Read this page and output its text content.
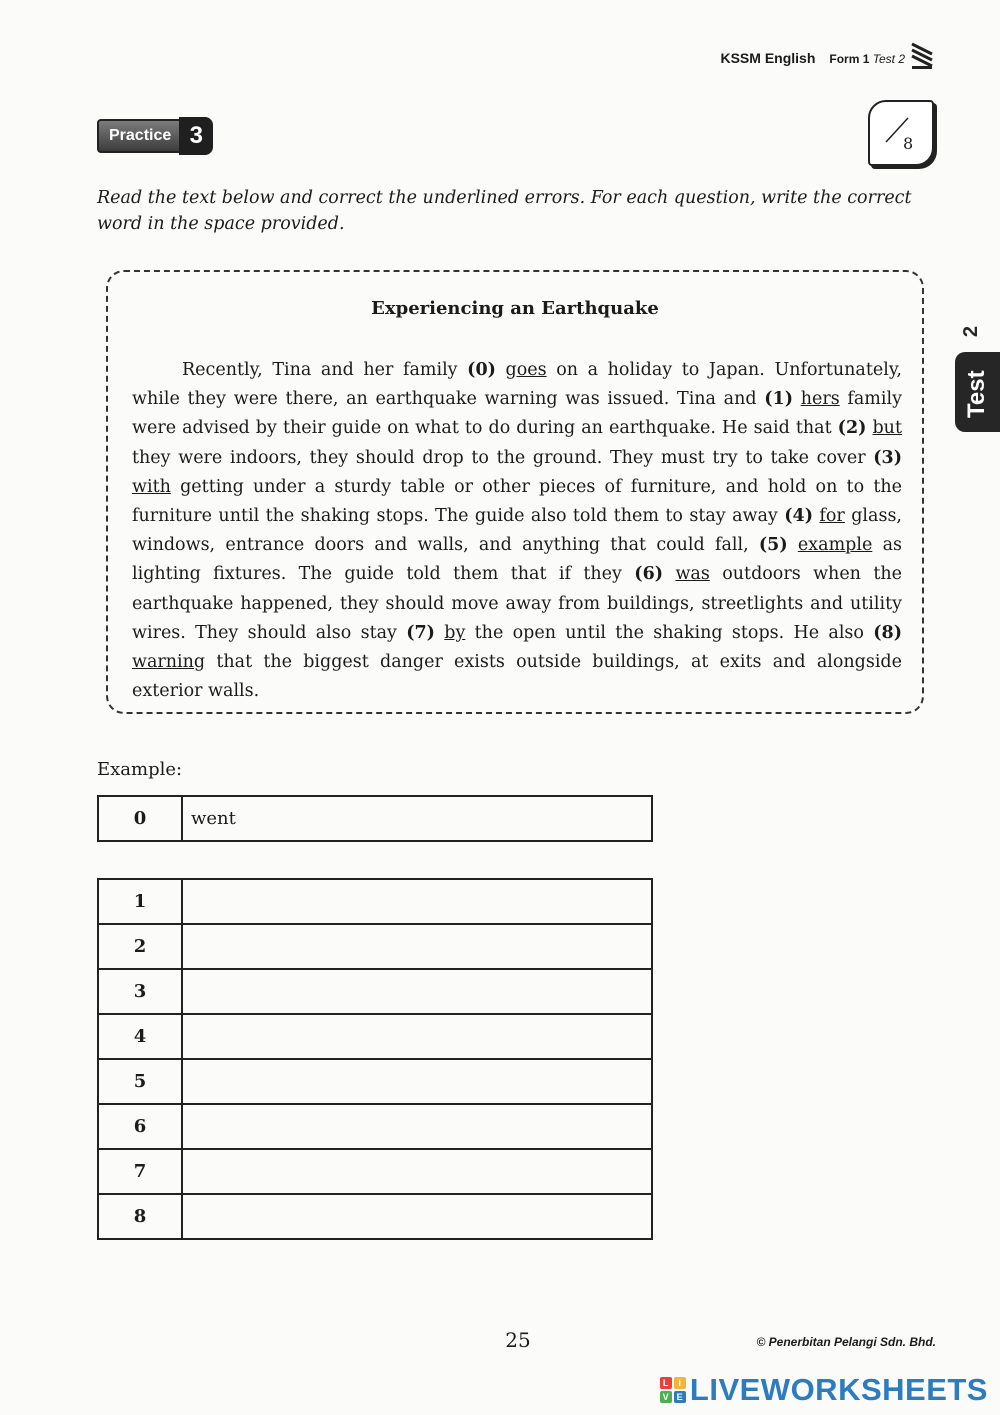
KSSM English Form 1 Test 2
Practice 3	8
Read the text below and correct the underlined errors. For each question, write the correct word in the space provided.
Experiencing an Earthquake
Recently, Tina and her family (0) goes on a holiday to Japan. Unfortunately, while they were there, an earthquake warning was issued. Tina and (1) hers family were advised by their guide on what to do during an earthquake. He said that (2) but they were indoors, they should drop to the ground. They must try to take cover (3) with getting under a sturdy table or other pieces of furniture, and hold on to the furniture until the shaking stops. The guide also told them to stay away (4) for glass, windows, entrance doors and walls, and anything that could fall, (5) example as lighting fixtures. The guide told them that if they (6) was outdoors when the earthquake happened, they should move away from buildings, streetlights and utility wires. They should also stay (7) by the open until the shaking stops. He also (8) warning that the biggest danger exists outside buildings, at exits and alongside exterior walls.
2
Test
Example:
0	went
1	
2	
3	
4	
5	
6	
7	
8	
25	© Penerbitan Pelangi Sdn. Bhd.
L	I
V E LIVEWORKSHEETS
